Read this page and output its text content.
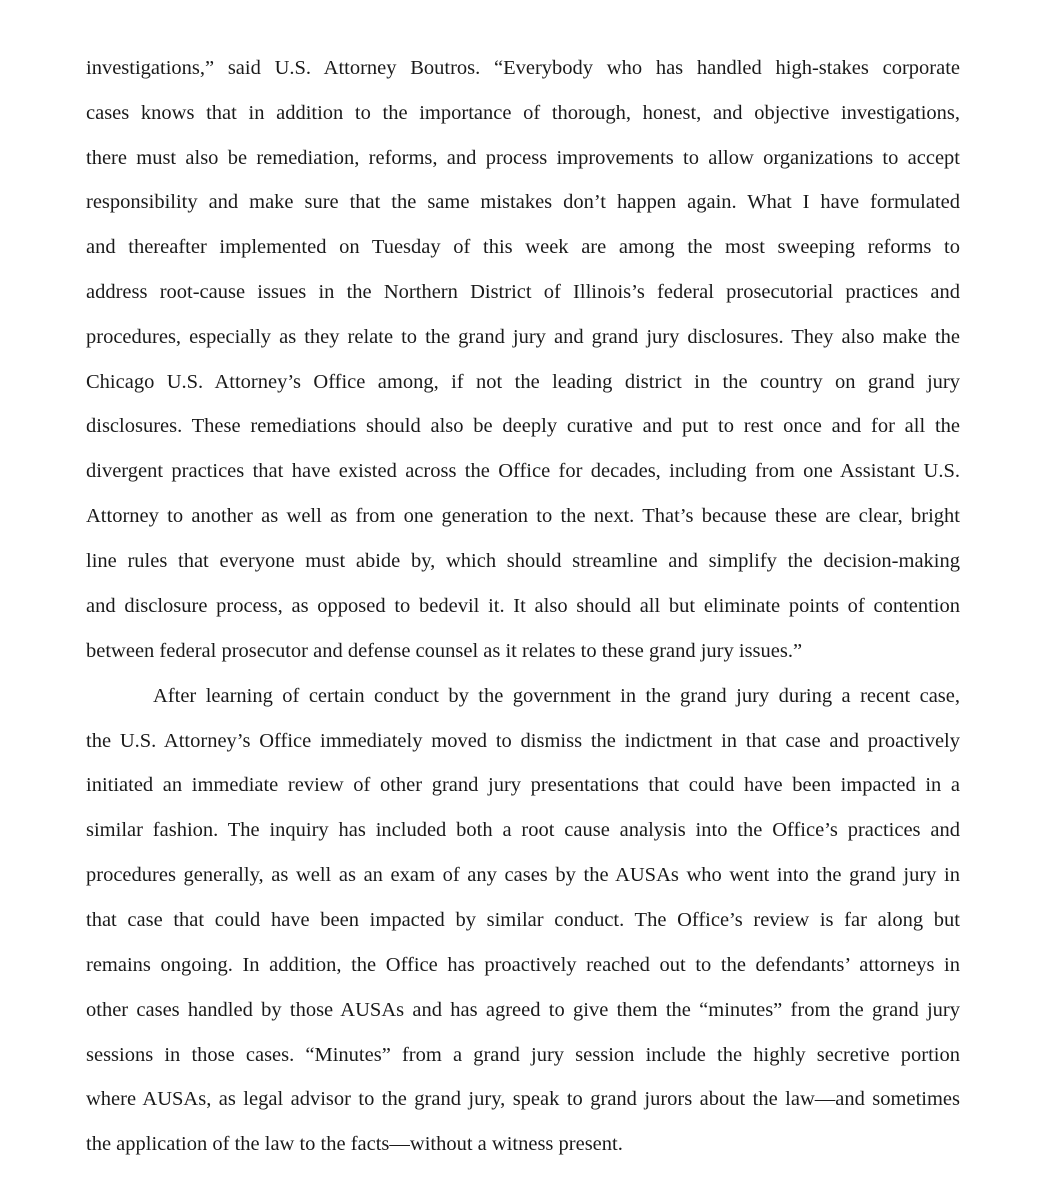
investigations,” said U.S. Attorney Boutros. “Everybody who has handled high-stakes corporate
cases knows that in addition to the importance of thorough, honest, and objective investigations,
there must also be remediation, reforms, and process improvements to allow organizations to accept
responsibility and make sure that the same mistakes don’t happen again. What I have formulated
and thereafter implemented on Tuesday of this week are among the most sweeping reforms to
address root-cause issues in the Northern District of Illinois’s federal prosecutorial practices and
procedures, especially as they relate to the grand jury and grand jury disclosures. They also make the
Chicago U.S. Attorney’s Office among, if not the leading district in the country on grand jury
disclosures. These remediations should also be deeply curative and put to rest once and for all the
divergent practices that have existed across the Office for decades, including from one Assistant U.S.
Attorney to another as well as from one generation to the next. That’s because these are clear, bright
line rules that everyone must abide by, which should streamline and simplify the decision-making
and disclosure process, as opposed to bedevil it. It also should all but eliminate points of contention
between federal prosecutor and defense counsel as it relates to these grand jury issues.”
After learning of certain conduct by the government in the grand jury during a recent case,
the U.S. Attorney’s Office immediately moved to dismiss the indictment in that case and proactively
initiated an immediate review of other grand jury presentations that could have been impacted in a
similar fashion. The inquiry has included both a root cause analysis into the Office’s practices and
procedures generally, as well as an exam of any cases by the AUSAs who went into the grand jury in
that case that could have been impacted by similar conduct. The Office’s review is far along but
remains ongoing. In addition, the Office has proactively reached out to the defendants’ attorneys in
other cases handled by those AUSAs and has agreed to give them the “minutes” from the grand jury
sessions in those cases. “Minutes” from a grand jury session include the highly secretive portion
where AUSAs, as legal advisor to the grand jury, speak to grand jurors about the law—and sometimes
the application of the law to the facts—without a witness present.
